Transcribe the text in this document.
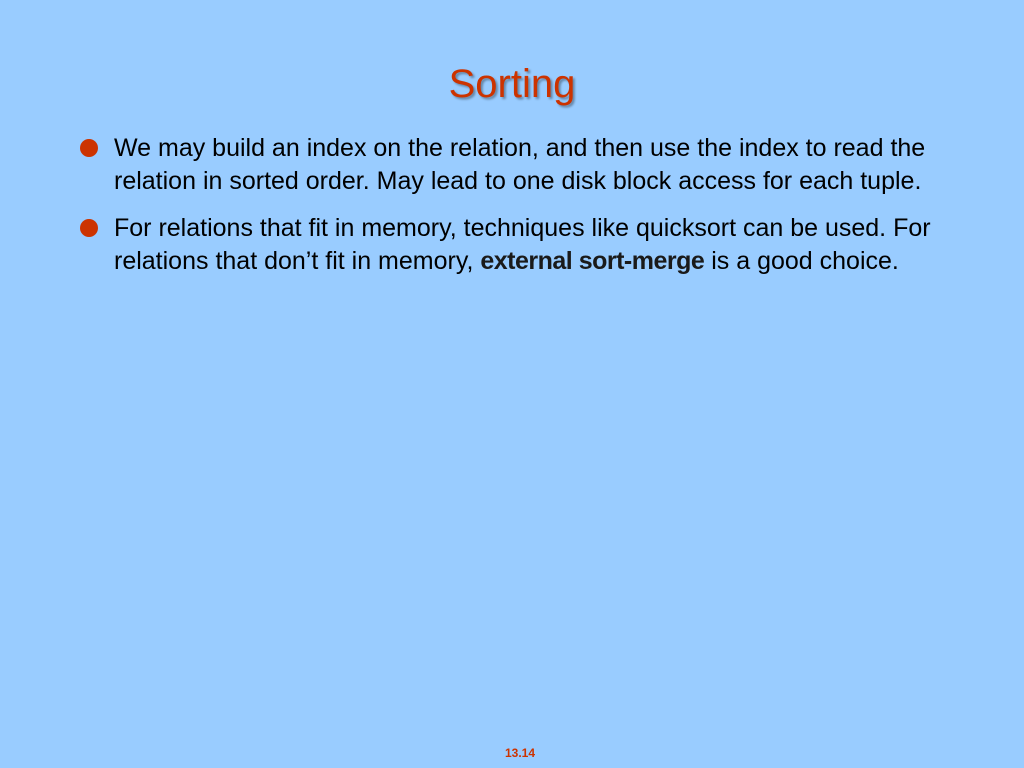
Sorting
We may build an index on the relation, and then use the index to read the relation in sorted order. May lead to one disk block access for each tuple.
For relations that fit in memory, techniques like quicksort can be used. For relations that don’t fit in memory, external sort-merge is a good choice.
13.14
